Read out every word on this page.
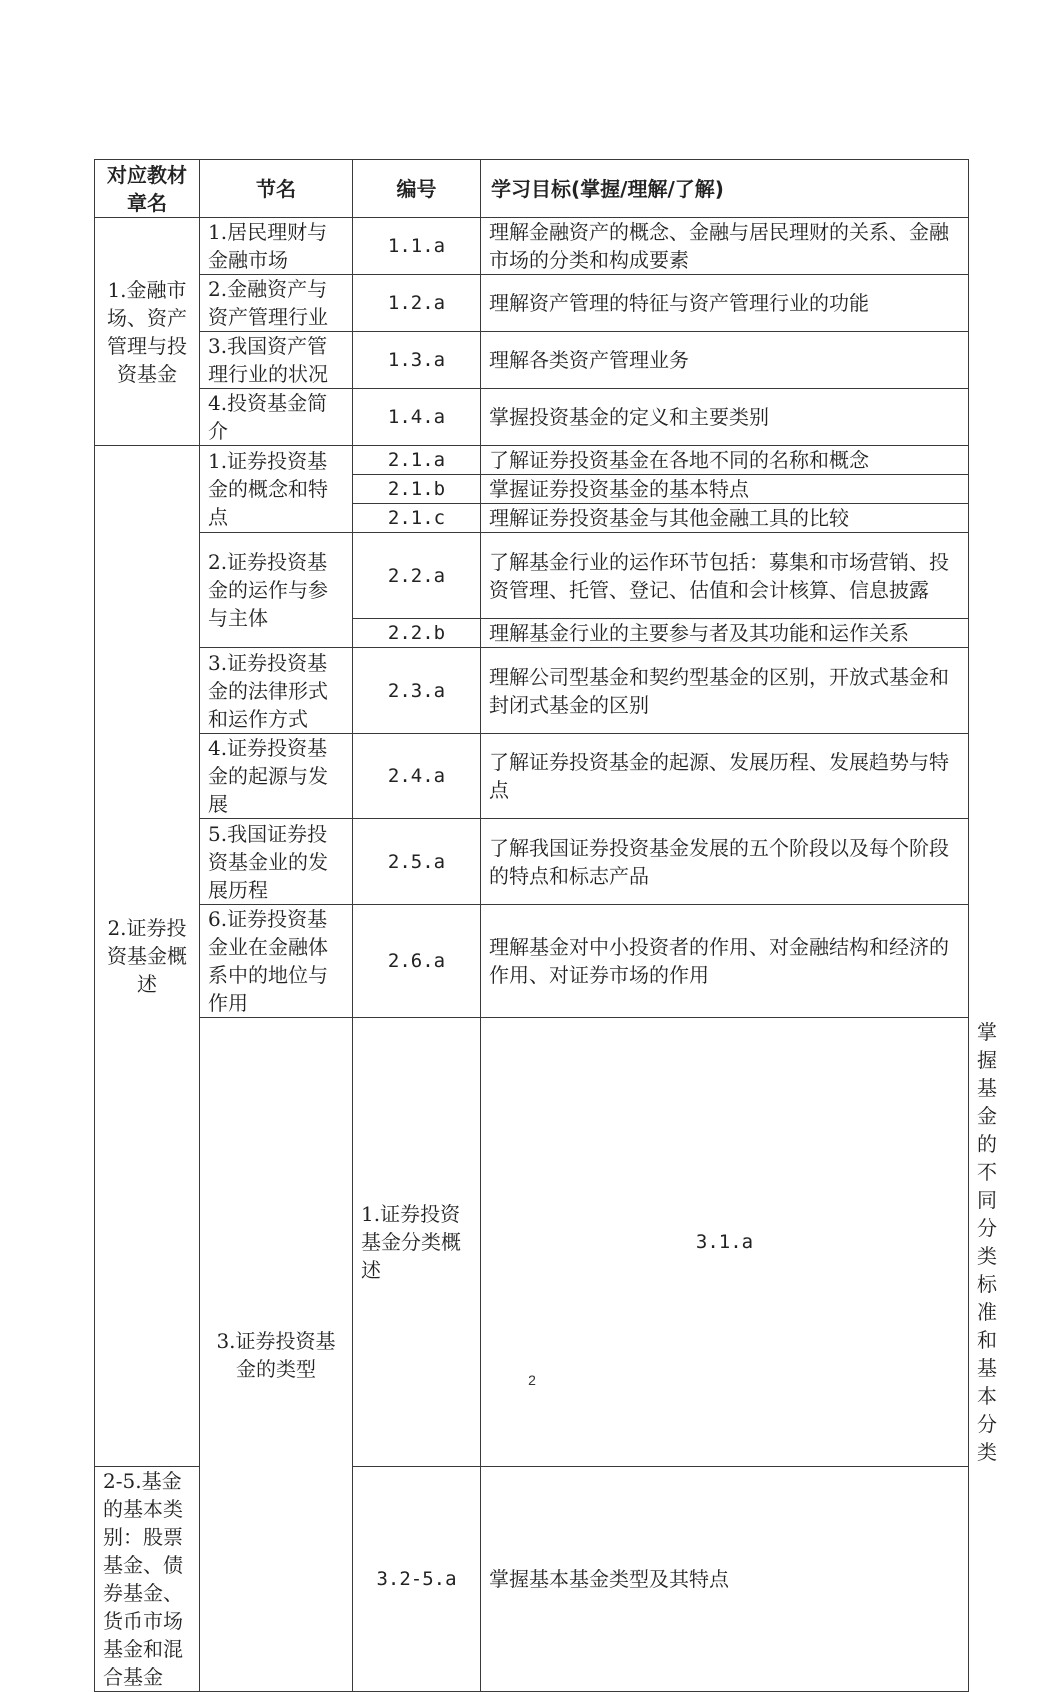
对应教材章名	节名	编号	学习目标(掌握/理解/了解)	
1.金融市场、资产管理与投资基金	1.居民理财与金融市场	1.1.a	理解金融资产的概念、金融与居民理财的关系、金融市场的分类和构成要素	
	2.金融资产与资产管理行业	1.2.a	理解资产管理的特征与资产管理行业的功能	
	3.我国资产管理行业的状况	1.3.a	理解各类资产管理业务	
	4.投资基金简介	1.4.a	掌握投资基金的定义和主要类别	
2.证券投资基金概述	1.证券投资基金的概念和特点	2.1.a	了解证券投资基金在各地不同的名称和概念	
		2.1.b	掌握证券投资基金的基本特点	
		2.1.c	理解证券投资基金与其他金融工具的比较	
	2.证券投资基金的运作与参与主体	2.2.a	了解基金行业的运作环节包括：募集和市场营销、投资管理、托管、登记、估值和会计核算、信息披露	
		2.2.b	理解基金行业的主要参与者及其功能和运作关系	
	3.证券投资基金的法律形式和运作方式	2.3.a	理解公司型基金和契约型基金的区别，开放式基金和封闭式基金的区别	
	4.证券投资基金的起源与发展	2.4.a	了解证券投资基金的起源、发展历程、发展趋势与特点	
	5.我国证券投资基金业的发展历程	2.5.a	了解我国证券投资基金发展的五个阶段以及每个阶段的特点和标志产品	
	6.证券投资基金业在金融体系中的地位与作用	2.6.a	理解基金对中小投资者的作用、对金融结构和经济的作用、对证券市场的作用	
	3.证券投资基金的类型	1.证券投资基金分类概述	3.1.a	掌握基金的不同分类标准和基本分类
2-5.基金的基本类别：股票基金、债券基金、货币市场基金和混合基金		3.2-5.a	掌握基本基金类型及其特点	
2
